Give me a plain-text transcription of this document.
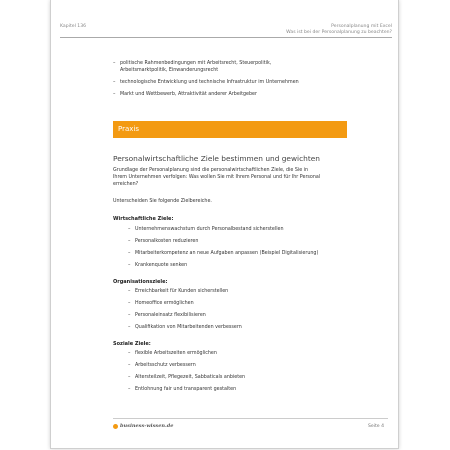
Kapitel 136	Personalplanung mit Excel
Was ist bei der Personalplanung zu beachten?
– politische Rahmenbedingungen mit Arbeitsrecht, Steuerpolitik,
Arbeitsmarktpolitik, Einwanderungsrecht
– technologische Entwicklung und technische Infrastruktur im Unternehmen
– Markt und Wettbewerb, Attraktivität anderer Arbeitgeber
Praxis
Personalwirtschaftliche Ziele bestimmen und gewichten
Grundlage der Personalplanung sind die personalwirtschaftlichen Ziele, die Sie in
Ihrem Unternehmen verfolgen: Was wollen Sie mit Ihrem Personal und für Ihr Personal
erreichen?
Unterscheiden Sie folgende Zielbereiche.
Wirtschaftliche Ziele:
– Unternehmenswachstum durch Personalbestand sicherstellen
– Personalkosten reduzieren
– Mitarbeiterkompetenz an neue Aufgaben anpassen (Beispiel Digitalisierung)
– Krankenquote senken
Organisationsziele:
– Erreichbarkeit für Kunden sicherstellen
– Homeoffice ermöglichen
– Personaleinsatz flexibilisieren
– Qualifikation von Mitarbeitenden verbessern
Soziale Ziele:
– flexible Arbeitszeiten ermöglichen
– Arbeitsschutz verbessern
– Altersteilzeit, Pflegezeit, Sabbaticals anbieten
– Entlohnung fair und transparent gestalten
business-wissen.de	Seite 4
